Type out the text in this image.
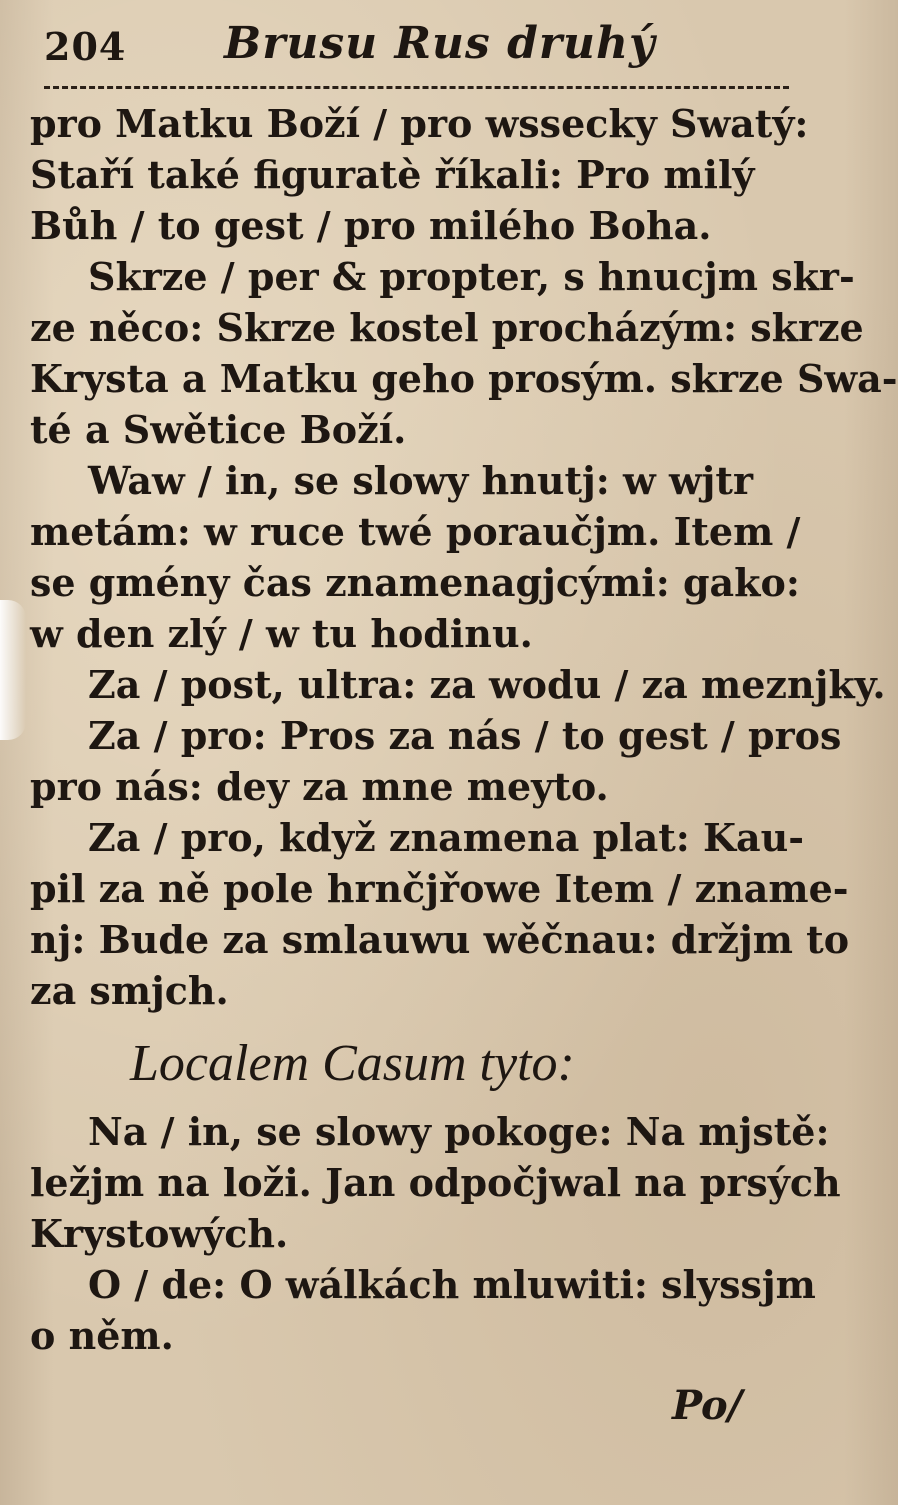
204 Brusu Rus druhý
pro Matku Boží / pro wssecky Swatý:
Staří také figuratè říkali: Pro milý
Bůh / to gest / pro milého Boha.
Skrze / per & propter, s hnucjm skr-
ze něco: Skrze kostel procházým: skrze
Krysta a Matku geho prosým. skrze Swa-
té a Swětice Boží.
Waw / in, se slowy hnutj: w wjtr
metám: w ruce twé poraučjm. Item /
se gmény čas znamenagjcými: gako:
w den zlý / w tu hodinu.
Za / post, ultra: za wodu / za meznjky.
Za / pro: Pros za nás / to gest / pros
pro nás: dey za mne meyto.
Za / pro, když znamena plat: Kau-
pil za ně pole hrnčjřowe Item / zname-
nj: Bude za smlauwu wěčnau: držjm to
za smjch.
Localem Casum tyto:
Na / in, se slowy pokoge: Na mjstě:
ležjm na loži. Jan odpočjwal na prsých
Krystowých.
O / de: O wálkách mluwiti: slyssjm
o něm.
Po/
